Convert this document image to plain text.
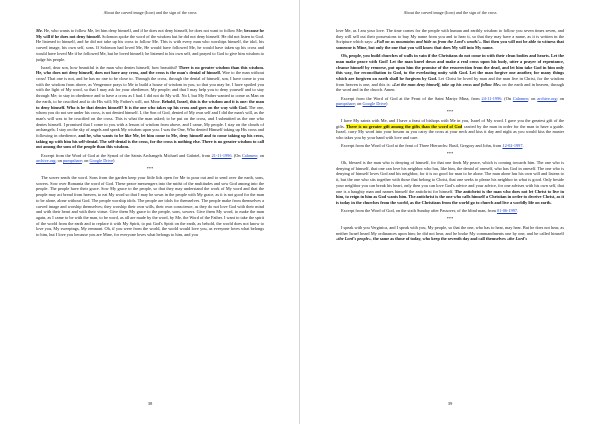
About the carved image (Icon) and the sign of the cross

Me. He, who wants to follow Me, let him deny himself, and if he does not deny himself, he does not want to follow Me; because he My will if he does not deny himself. Solomon spoke the word of the wisdom but he did not deny himself. He did not listen to God. He listened to himself, and he did not take up his cross to follow Me. This is with every man who worships himself, the idol, his carved image, his own self, sons. If Solomon had loved Me, He would have followed Me, he would have taken up his cross and would have loved Me if he followed Me, but he loved himself; he listened to his own self, and prayed to God to give him wisdom to judge his people.

Israel, dear son, how beautiful is the man who denies himself, how beautiful! There is no greater wisdom than this wisdom. He, who does not deny himself, does not have any cross, and the cross is the man's denial of himself. Woe to the man without cross! That one is not, and he has no one to be close to. Through the cross, through the denial of himself, son, I have come to you with the wisdom from above, as Vengeance prays to Me to build a house of wisdom in you, so that you may be. I have spoiled you with the light of My word, so that I may ask for your obedience, My people; and that I may help you to deny yourself and to stay through Me; to stay in obedience and to have a cross as I had. I did not do My will. No I, but My Father wanted to come as Man on the earth, to be crucified and to do His will; My Father's will, not Mine. Behold, Israel, this is the wisdom and it is one: the man to deny himself. Who is he that denies himself? It is the one who takes up his cross and goes on the way with God. The one, whom you do not see under his cross, is not denied himself. I, the Son of God, denied of My own self and I did the man's will, as the man's will was to be crucified on the cross. This is what the man asked; to be put on the cross, and I submitted as the one who denies himself. I promised that I come to you with a lesson of wisdom from above, and I came, My people. I stay on the clouds of archangels; I stay on the sky of angels and speak My wisdom upon you. I was the One, Who denied Himself taking up His cross and following in obedience, and he, who wants to be like Me, let him come to Me, deny himself and to come taking up his cross, taking up with him his self-denial. The self-denial is the cross, for the cross is nothing else. There is no greater wisdom to call out among the sons of the people than this wisdom.

Excerpt from the Word of God at the Synod of the Saints Archangels Michael and Gabriel, from 21-11-1996. (On Calameo; on archive.org; on pumpshare; on Google Drive)

***

The sower sends the word. Sons from the garden keep your little lids open for Me to pour out and to send over the earth, sons, sowers. Sow over Romania the word of God. These peace messengers into the midst of the multitudes and sow God among into the people. The people have their grace. Sow My grace to the people, so that they may understand the work of My word and that the people may act bread from heaven, to eat My word so that I may be sown in the people with My grace, as it is not good for the man to be alone, alone without God. The people worship idols. The people are idols for themselves. The people make from themselves a carved image and worship themselves; they worship their own wills, their own conscience, as they do not love God with their mind and with their heart and with their virtue. Give them My grace to the people, sons, sowers. Give them My word, to make the man again, as I came to be with the man, to be word, as all are made by the word, by Me, the Word of the Father. I want to take the spirit of the world from the earth and to replace it with My Spirit, to put God's Spirit on the earth, as behold, the world does not know to love you, My sweepings, My remnant. Oh, if you were from the world, the world would love you, as everyone loves what belongs to him, but I love you because you are Mine, for everyone loves what belongs to him, and you

38
About the carved image (Icon) and the sign of the cross

love Me, as I am your love. The time comes for the people with human and earthly wisdom to follow you seven times seven, and they will sell out their possessions to buy My name from you and to hear it, so that they may have a name, as it is written in the Scripture which says: «Fall on us mountains and hide us from the Lord's wrath!». But then you will not be able to witness that someone is Mine, but only the one that you will know that does My will into My name.

Oh, people, you build churches of walls in vain if the Christians do not come in with their clean bodies and hearts. Let the man make peace with God! Let the man kneel down and make a real cross upon his body, utter a prayer of repentance, cleanse himself by remorse, put upon him the promise of the resurrection from the dead, and let him take God in him only this way, for reconciliation to God, to the everlasting unity with God. Let the man forgive one another, for many things which are forgiven on earth shall be forgiven by God. Let Christ be loved by man and the man live in Christ, for the wisdom from heaven is one, and this is: «Let the man deny himself, take up his cross and follow Me» on the earth and in heaven, through the word and in the church. Amen.

Excerpt from the Word of God at the Feast of the Saint Martyr Mina, from 24-11-1996. (On Calameo; on archive.org; on pumpshare; on Google Drive)

***

I have My saints with Me, and I have a feast of bishops with Me in you, Israel of My word. I gave you the greatest gift of the gifts. There is no greater gift among the gifts than the word of God carried by the man in order for the man to have a guide. Israel, carry My word into your bosom as you carry the cross at your neck and kiss it day and night as you would kiss the master who takes you by your hand with love and care.

Excerpt from the Word of God at the feast of Three Hierarchs: Basil, Gregory and John, from 12-02-1997.

***

Oh, blessed is the man who is denying of himself, for that one finds My peace, which is coming towards him. The one who is denying of himself, that one can love his neighbor who has, like him, the denial of oneself, who has God in oneself. The one who is denying of himself loves God and his neighbor, for it is no good for man to be alone. The man alone has his own will and listens to it, but the one who sits together with those that belong to Christ, that one seeks to please his neighbor in what is good. Only beside your neighbor you can break his heart, only then you can love God's advice and your advice, for one advises with his own self, that one is a haughty man and names himself the antichrist for himself. The antichrist is the man who does not let Christ to live in him, to reign in him as God wants him. The antichrist is the one who calls himself a Christian in order to deceive Christ, as it is today in the churches from the world, as the Christians from the world go to church and live a worldly life on earth.

Excerpt from the Word of God, on the sixth Sunday after Passover, of the blind man, from 01-06-1997.

***

I speak with you Verginica, and I speak with you, My people, so that the one, who has to hear, may hear. But he does not hear, as neither Israel heard My ordinances upon him; he did not hear, and he broke My commandments one by one, and he called himself «the Lord's people», the same as those of today, who keep the seventh day and call themselves «the Lord's

39
